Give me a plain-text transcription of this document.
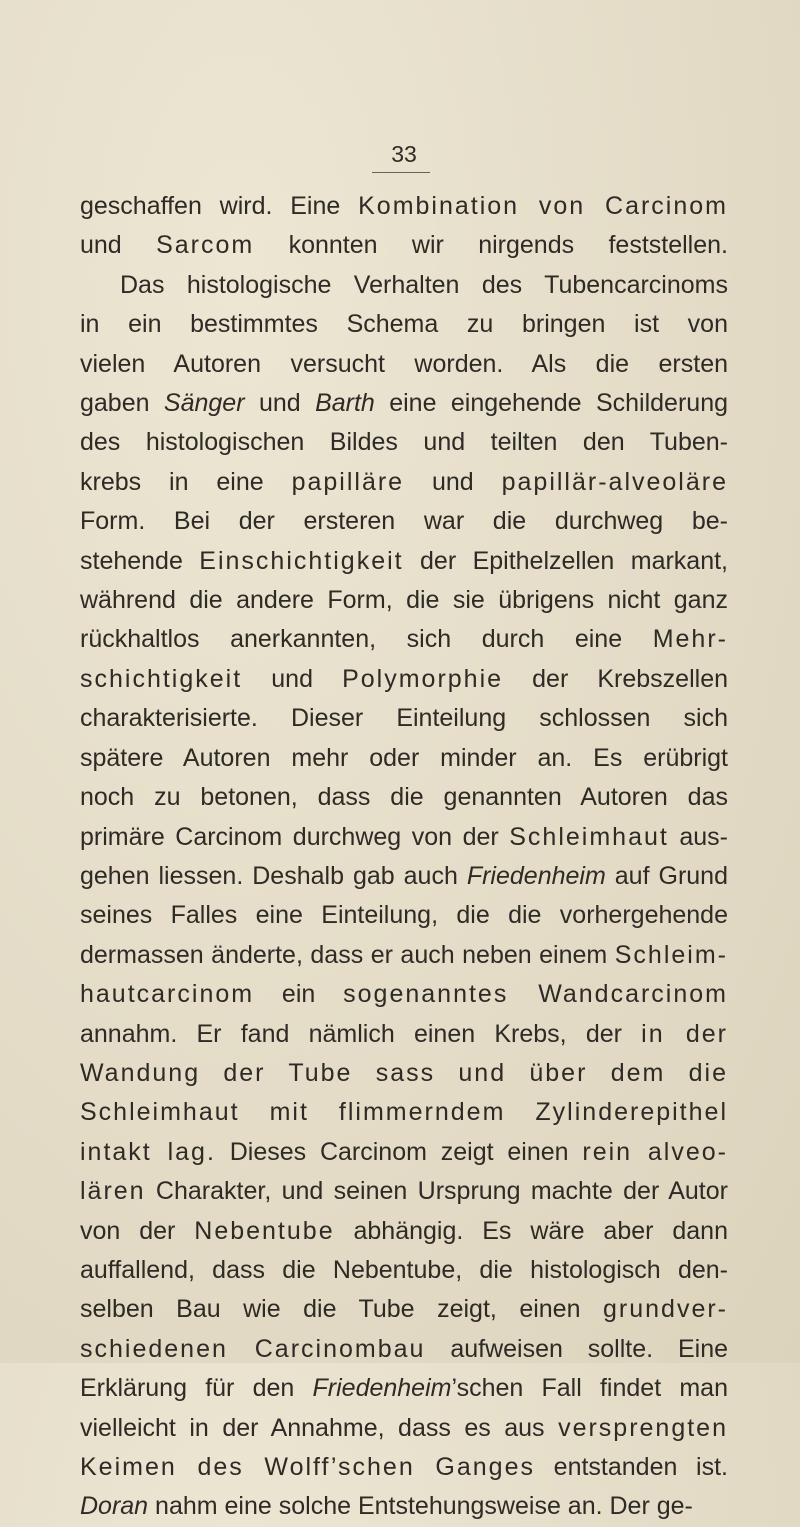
33
geschaffen wird. Eine Kombination von Carcinom
und Sarcom konnten wir nirgends feststellen.
Das histologische Verhalten des Tubencarcinoms
in ein bestimmtes Schema zu bringen ist von
vielen Autoren versucht worden. Als die ersten
gaben Sänger und Barth eine eingehende Schilderung
des histologischen Bildes und teilten den Tuben-
krebs in eine papilläre und papillär-alveoläre
Form. Bei der ersteren war die durchweg be-
stehende Einschichtigkeit der Epithelzellen markant,
während die andere Form, die sie übrigens nicht ganz
rückhaltlos anerkannten, sich durch eine Mehr-
schichtigkeit und Polymorphie der Krebszellen
charakterisierte. Dieser Einteilung schlossen sich
spätere Autoren mehr oder minder an. Es erübrigt
noch zu betonen, dass die genannten Autoren das
primäre Carcinom durchweg von der Schleimhaut aus-
gehen liessen. Deshalb gab auch Friedenheim auf Grund
seines Falles eine Einteilung, die die vorhergehende
dermassen änderte, dass er auch neben einem Schleim-
hautcarcinom ein sogenanntes Wandcarcinom
annahm. Er fand nämlich einen Krebs, der in der
Wandung der Tube sass und über dem die
Schleimhaut mit flimmerndem Zylinderepithel
intakt lag. Dieses Carcinom zeigt einen rein alveo-
lären Charakter, und seinen Ursprung machte der Autor
von der Nebentube abhängig. Es wäre aber dann
auffallend, dass die Nebentube, die histologisch den-
selben Bau wie die Tube zeigt, einen grundver-
schiedenen Carcinombau aufweisen sollte. Eine
Erklärung für den Friedenheim’schen Fall findet man
vielleicht in der Annahme, dass es aus versprengten
Keimen des Wolff’schen Ganges entstanden ist.
Doran nahm eine solche Entstehungsweise an. Der ge-
